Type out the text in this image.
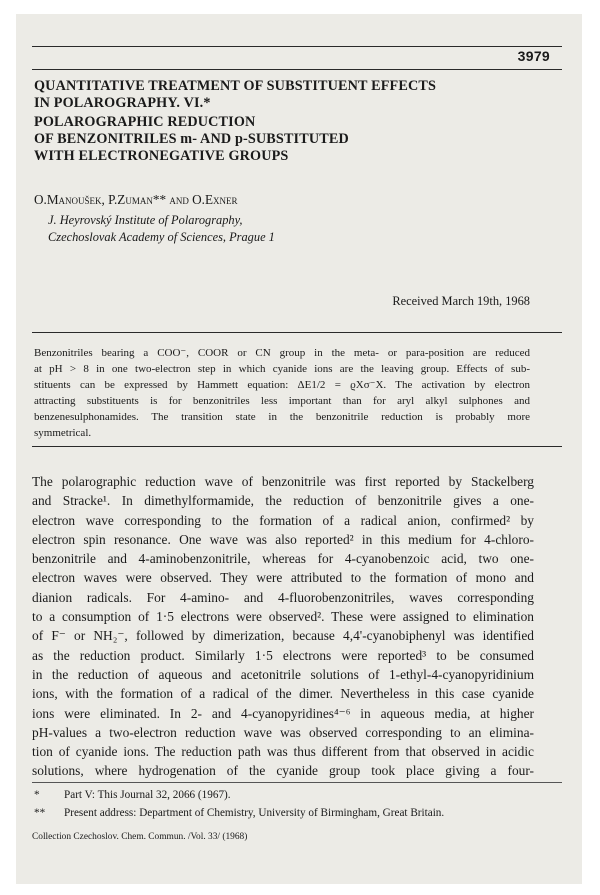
3979
QUANTITATIVE TREATMENT OF SUBSTITUENT EFFECTS
IN POLAROGRAPHY. VI.*
POLAROGRAPHIC REDUCTION
OF BENZONITRILES m- AND p-SUBSTITUTED
WITH ELECTRONEGATIVE GROUPS
O.Manoušek, P.Zuman** and O.Exner
J. Heyrovský Institute of Polarography,
Czechoslovak Academy of Sciences, Prague 1
Received March 19th, 1968
Benzonitriles bearing a COO⁻, COOR or CN group in the meta- or para-position are reduced
at pH > 8 in one two-electron step in which cyanide ions are the leaving group. Effects of sub-
stituents can be expressed by Hammett equation: ΔE1/2 = ϱXσ⁻X. The activation by electron
attracting substituents is for benzonitriles less important than for aryl alkyl sulphones and
benzenesulphonamides. The transition state in the benzonitrile reduction is probably more
symmetrical.
The polarographic reduction wave of benzonitrile was first reported by Stackelberg
and Stracke¹. In dimethylformamide, the reduction of benzonitrile gives a one-
electron wave corresponding to the formation of a radical anion, confirmed² by
electron spin resonance. One wave was also reported² in this medium for 4-chloro-
benzonitrile and 4-aminobenzonitrile, whereas for 4-cyanobenzoic acid, two one-
electron waves were observed. They were attributed to the formation of mono and
dianion radicals. For 4-amino- and 4-fluorobenzonitriles, waves corresponding
to a consumption of 1·5 electrons were observed². These were assigned to elimination
of F⁻ or NH₂⁻, followed by dimerization, because 4,4'-cyanobiphenyl was identified
as the reduction product. Similarly 1·5 electrons were reported³ to be consumed
in the reduction of aqueous and acetonitrile solutions of 1-ethyl-4-cyanopyridinium
ions, with the formation of a radical of the dimer. Nevertheless in this case cyanide
ions were eliminated. In 2- and 4-cyanopyridines⁴⁻⁶ in aqueous media, at higher
pH-values a two-electron reduction wave was observed corresponding to an elimina-
tion of cyanide ions. The reduction path was thus different from that observed in acidic
solutions, where hydrogenation of the cyanide group took place giving a four-
* Part V: This Journal 32, 2066 (1967).
** Present address: Department of Chemistry, University of Birmingham, Great Britain.
Collection Czechoslov. Chem. Commun. /Vol. 33/ (1968)
